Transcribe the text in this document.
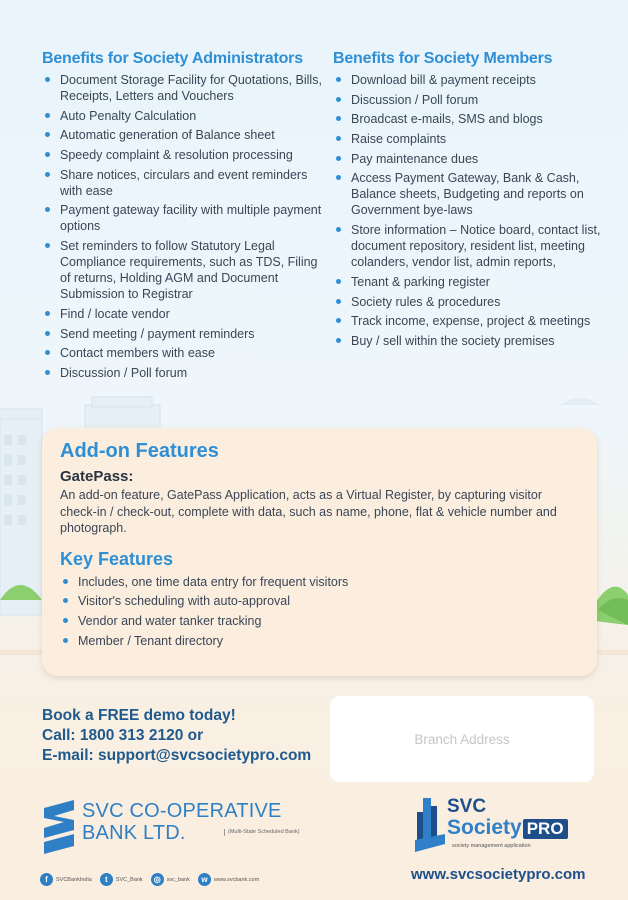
Benefits for Society Administrators
Document Storage Facility for Quotations, Bills, Receipts, Letters and Vouchers
Auto Penalty Calculation
Automatic generation of Balance sheet
Speedy complaint & resolution processing
Share notices, circulars and event reminders with ease
Payment gateway facility with multiple payment options
Set reminders to follow Statutory Legal Compliance requirements, such as TDS, Filing of returns, Holding AGM and Document Submission to Registrar
Find / locate vendor
Send meeting / payment reminders
Contact members with ease
Discussion / Poll forum
Benefits for Society Members
Download bill & payment receipts
Discussion / Poll forum
Broadcast e-mails, SMS and blogs
Raise complaints
Pay maintenance dues
Access Payment Gateway, Bank & Cash, Balance sheets, Budgeting and reports on Government bye-laws
Store information – Notice board, contact list, document repository, resident list, meeting colanders, vendor list, admin reports,
Tenant & parking register
Society rules & procedures
Track income, expense, project & meetings
Buy / sell within the society premises
Add-on Features
GatePass:

An add-on feature, GatePass Application, acts as a Virtual Register, by capturing visitor check-in / check-out, complete with data, such as name, phone, flat & vehicle number and photograph.

Key Features
Includes, one time data entry for frequent visitors
Visitor's scheduling with auto-approval
Vendor and water tanker tracking
Member / Tenant directory
Book a FREE demo today!
Call: 1800 313 2120 or
E-mail: support@svcsocietypro.com
Branch Address
SVC CO-OPERATIVE BANK LTD.	(Multi-State Scheduled Bank)
SVC
Society PRO
society management application
f	SVCBankIndia	t	SVC_Bank	◎	svc_bank	w	www.svcbank.com	www.svcsocietypro.com
